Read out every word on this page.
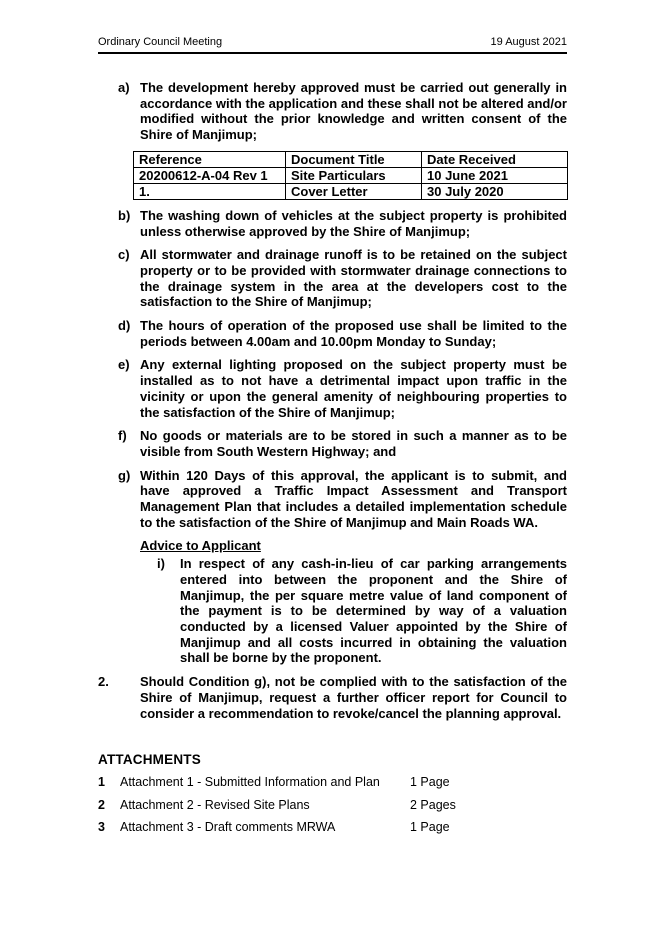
Ordinary Council Meeting	19 August 2021
a) The development hereby approved must be carried out generally in accordance with the application and these shall not be altered and/or modified without the prior knowledge and written consent of the Shire of Manjimup;
Reference	Document Title	Date Received
20200612-A-04 Rev 1	Site Particulars	10 June 2021
1.	Cover Letter	30 July 2020
b) The washing down of vehicles at the subject property is prohibited unless otherwise approved by the Shire of Manjimup;
c) All stormwater and drainage runoff is to be retained on the subject property or to be provided with stormwater drainage connections to the drainage system in the area at the developers cost to the satisfaction to the Shire of Manjimup;
d) The hours of operation of the proposed use shall be limited to the periods between 4.00am and 10.00pm Monday to Sunday;
e) Any external lighting proposed on the subject property must be installed as to not have a detrimental impact upon traffic in the vicinity or upon the general amenity of neighbouring properties to the satisfaction of the Shire of Manjimup;
f)	No goods or materials are to be stored in such a manner as to be visible from South Western Highway; and
g) Within 120 Days of this approval, the applicant is to submit, and have approved a Traffic Impact Assessment and Transport Management Plan that includes a detailed implementation schedule to the satisfaction of the Shire of Manjimup and Main Roads WA.
Advice to Applicant
i)	In respect of any cash-in-lieu of car parking arrangements entered into between the proponent and the Shire of Manjimup, the per square metre value of land component of the payment is to be determined by way of a valuation conducted by a licensed Valuer appointed by the Shire of Manjimup and all costs incurred in obtaining the valuation shall be borne by the proponent.
2.	Should Condition g), not be complied with to the satisfaction of the Shire of Manjimup, request a further officer report for Council to consider a recommendation to revoke/cancel the planning approval.
ATTACHMENTS
1	Attachment 1 - Submitted Information and Plan	1 Page
2	Attachment 2 - Revised Site Plans	2 Pages
3	Attachment 3 - Draft comments MRWA	1 Page
